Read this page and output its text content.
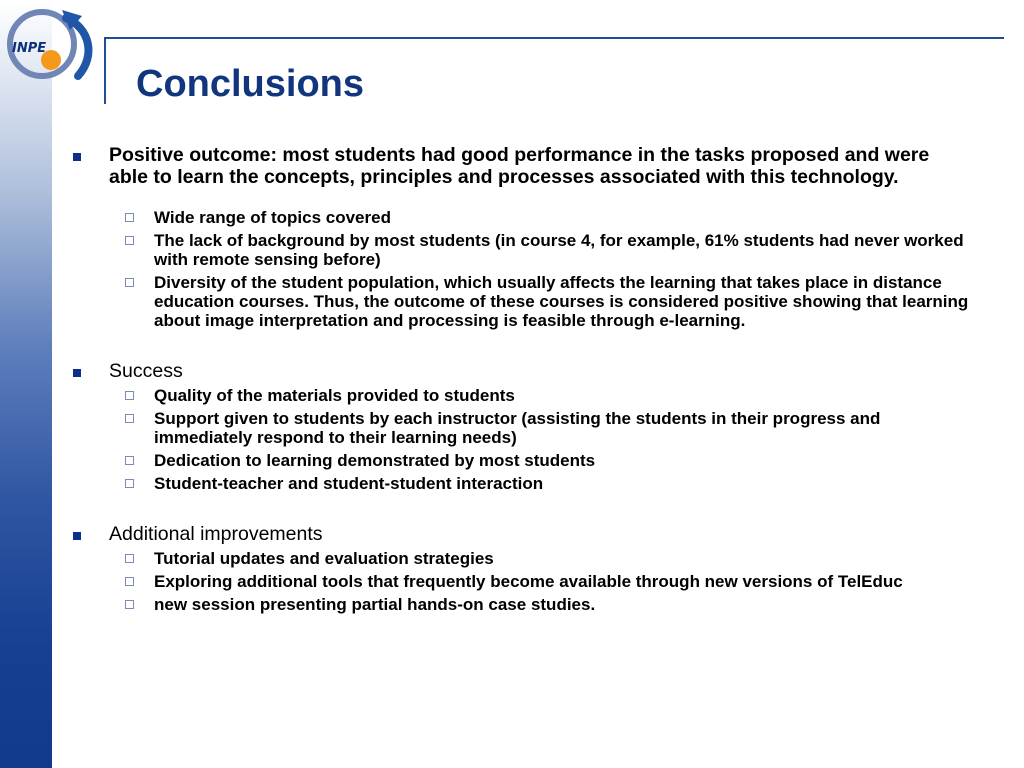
INPE
Conclusions
Positive outcome: most students had good performance in the tasks proposed and were able to learn the concepts, principles and processes associated with this technology.
Wide range of topics covered
The lack of background by most students (in course 4, for example, 61% students had never worked with remote sensing before)
Diversity of the student population, which usually affects the learning that takes place in distance education courses. Thus, the outcome of these courses is considered positive showing that learning about image interpretation and processing is feasible through e-learning.
Success
Quality of the materials provided to students
Support given to students by each instructor (assisting the students in their progress and immediately respond to their learning needs)
Dedication to learning demonstrated by most students
Student-teacher and student-student interaction
Additional improvements
Tutorial updates and evaluation strategies
Exploring additional tools that frequently become available through new versions of TelEduc
new session presenting partial hands-on case studies.
